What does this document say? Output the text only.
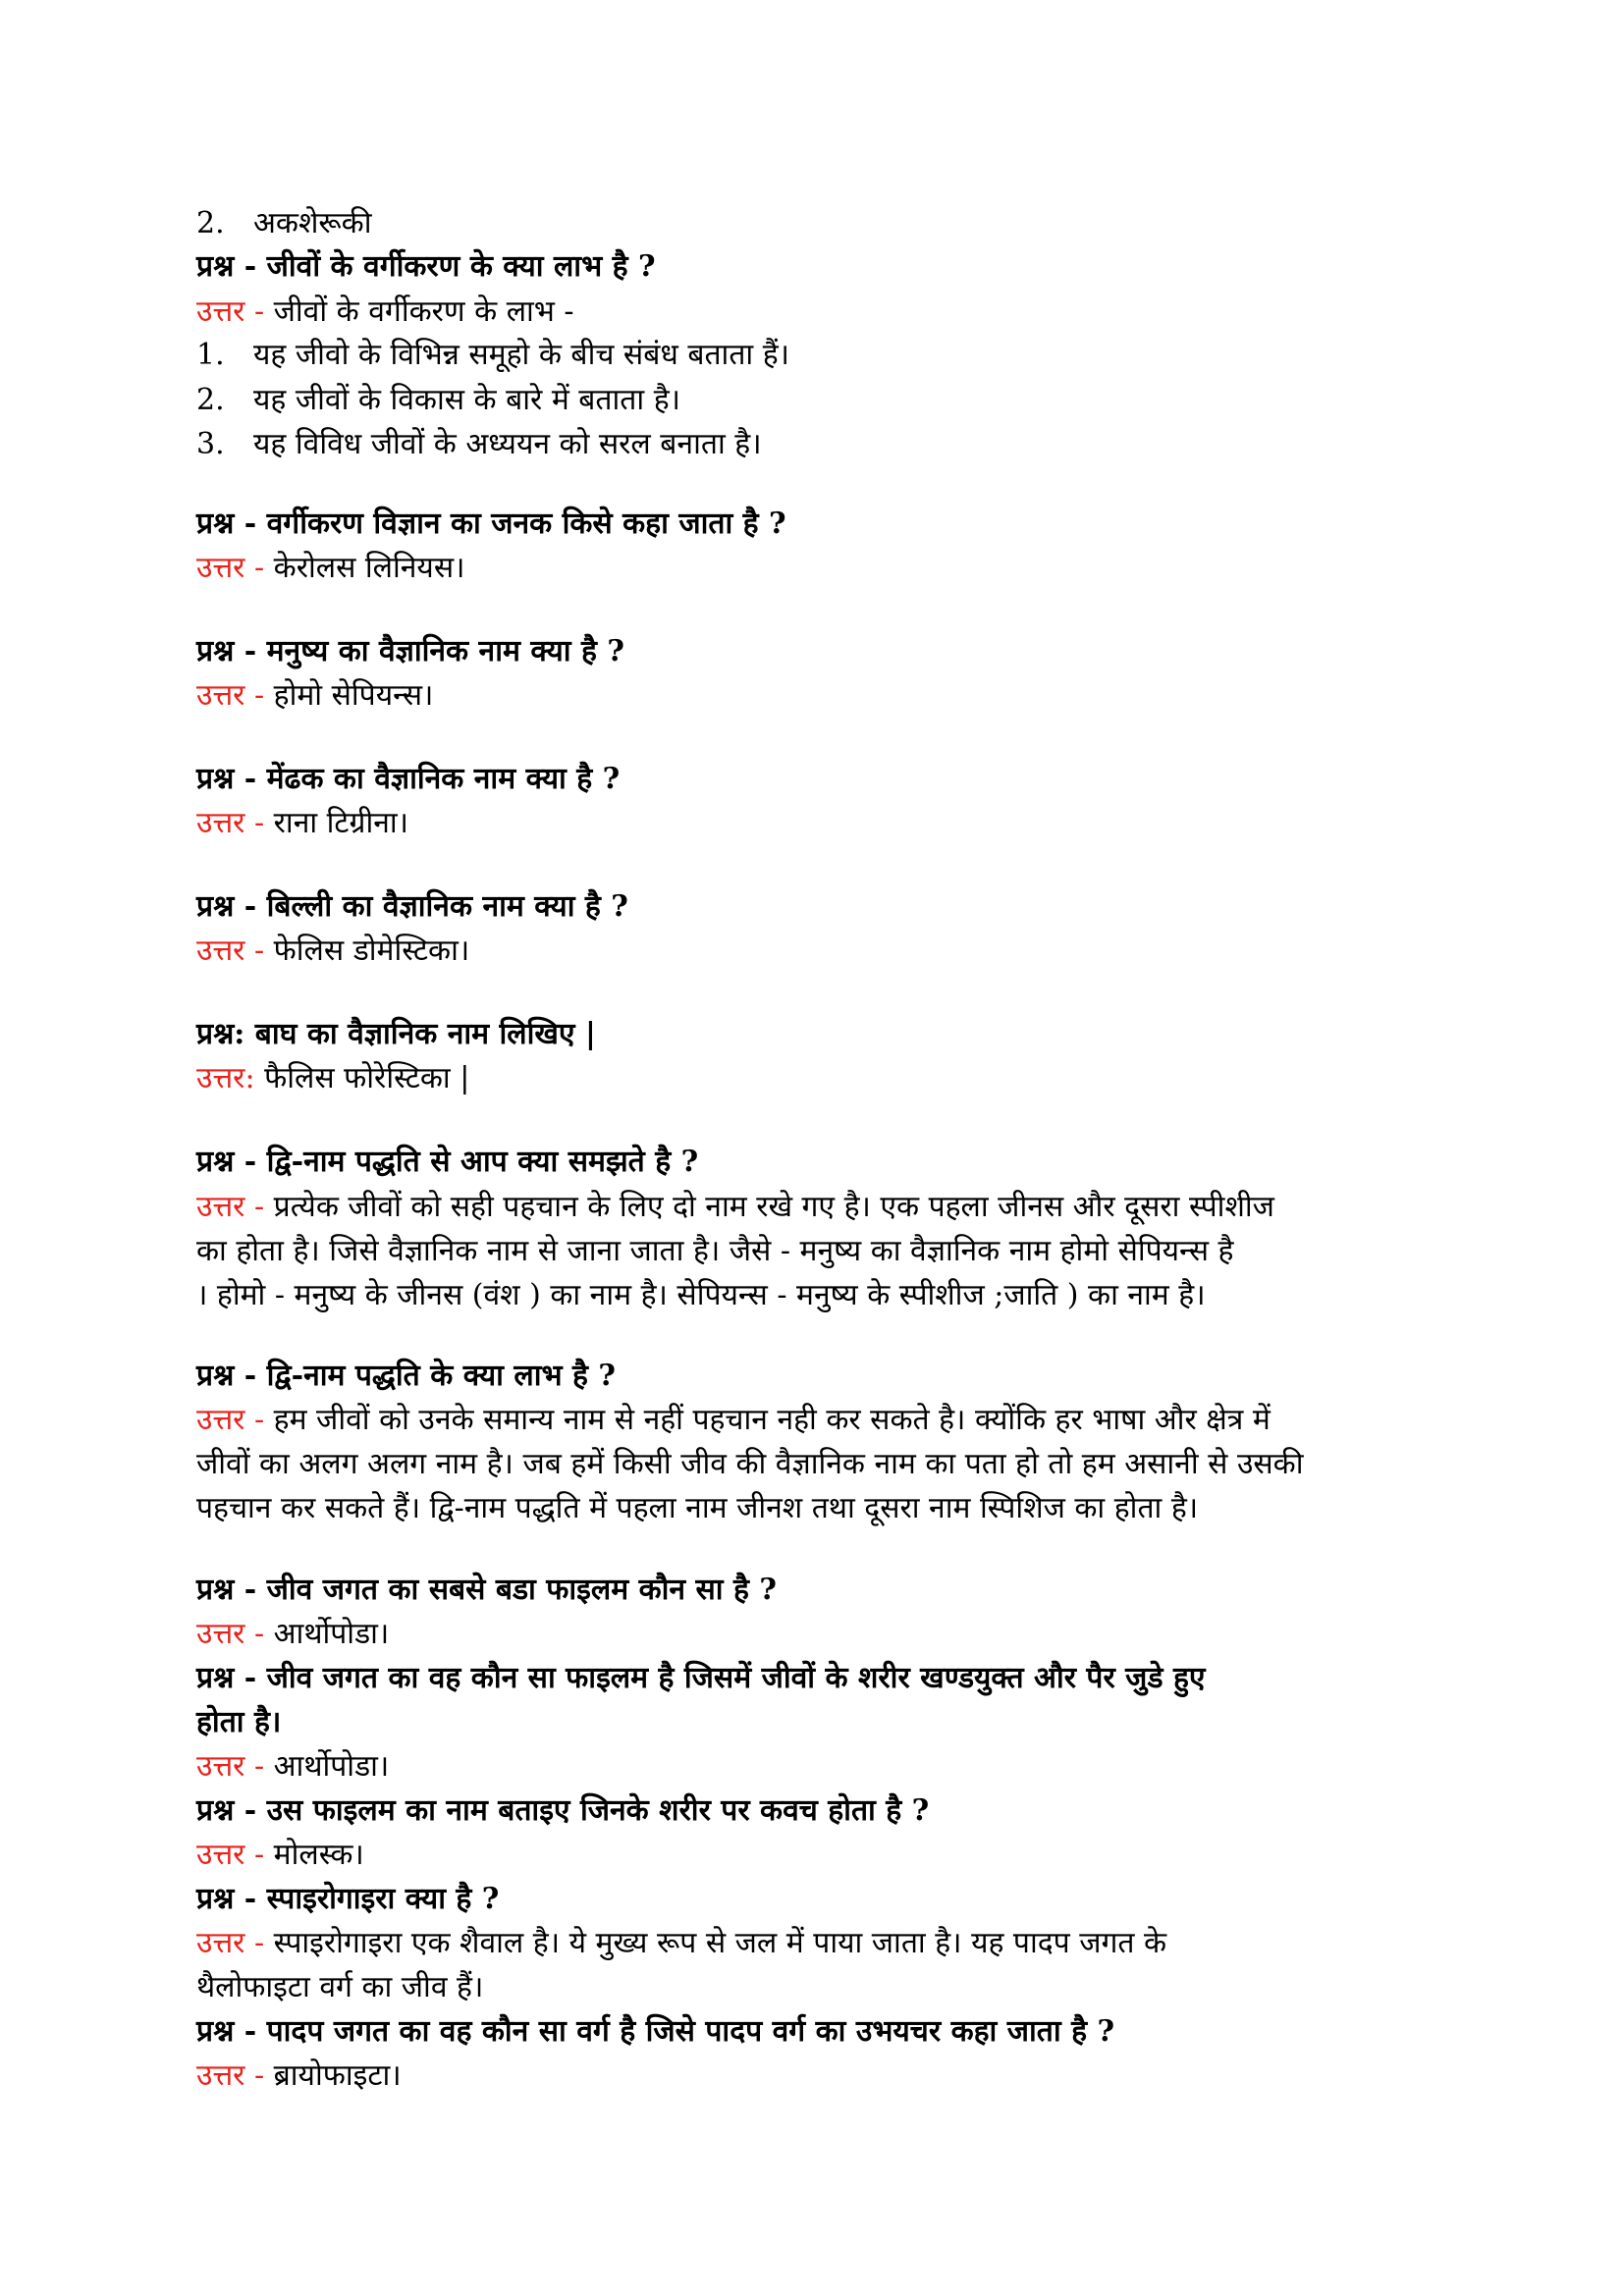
2. अकशेरूकी
प्रश्न - जीवों के वर्गीकरण के क्या लाभ है ?
उत्तर - जीवों के वर्गीकरण के लाभ -
1. यह जीवो के विभिन्न समूहो के बीच संबंध बताता हैं।
2. यह जीवों के विकास के बारे में बताता है।
3. यह विविध जीवों के अध्ययन को सरल बनाता है।
प्रश्न - वर्गीकरण विज्ञान का जनक किसे कहा जाता है ?
उत्तर - केरोलस लिनियस।
प्रश्न - मनुष्य का वैज्ञानिक नाम क्या है ?
उत्तर - होमो सेपियन्स।
प्रश्न - मेंढक का वैज्ञानिक नाम क्या है ?
उत्तर - राना टिग्रीना।
प्रश्न - बिल्ली का वैज्ञानिक नाम क्या है ?
उत्तर - फेलिस डोमेस्टिका।
प्रश्न: बाघ का वैज्ञानिक नाम लिखिए |
उत्तर: फैलिस फोरेस्टिका |
प्रश्न - द्वि-नाम पद्धति से आप क्या समझते है ?
उत्तर - प्रत्येक जीवों को सही पहचान के लिए दो नाम रखे गए है। एक पहला जीनस और दूसरा स्पीशीज
का होता है। जिसे वैज्ञानिक नाम से जाना जाता है। जैसे - मनुष्य का वैज्ञानिक नाम होमो सेपियन्स है
। होमो - मनुष्य के जीनस (वंश ) का नाम है। सेपियन्स - मनुष्य के स्पीशीज ;जाति ) का नाम है।
प्रश्न - द्वि-नाम पद्धति के क्या लाभ है ?
उत्तर - हम जीवों को उनके समान्य नाम से नहीं पहचान नही कर सकते है। क्योंकि हर भाषा और क्षेत्र में
जीवों का अलग अलग नाम है। जब हमें किसी जीव की वैज्ञानिक नाम का पता हो तो हम असानी से उसकी
पहचान कर सकते हैं। द्वि-नाम पद्धति में पहला नाम जीनश तथा दूसरा नाम स्पिशिज का होता है।
प्रश्न - जीव जगत का सबसे बडा फाइलम कौन सा है ?
उत्तर - आर्थोपोडा।
प्रश्न - जीव जगत का वह कौन सा फाइलम है जिसमें जीवों के शरीर खण्डयुक्त और पैर जुडे हुए
होता है।
उत्तर - आर्थोपोडा।
प्रश्न - उस फाइलम का नाम बताइए जिनके शरीर पर कवच होता है ?
उत्तर - मोलस्क।
प्रश्न - स्पाइरोगाइरा क्या है ?
उत्तर - स्पाइरोगाइरा एक शैवाल है। ये मुख्य रूप से जल में पाया जाता है। यह पादप जगत के
थैलोफाइटा वर्ग का जीव हैं।
प्रश्न - पादप जगत का वह कौन सा वर्ग है जिसे पादप वर्ग का उभयचर कहा जाता है ?
उत्तर - ब्रायोफाइटा।
